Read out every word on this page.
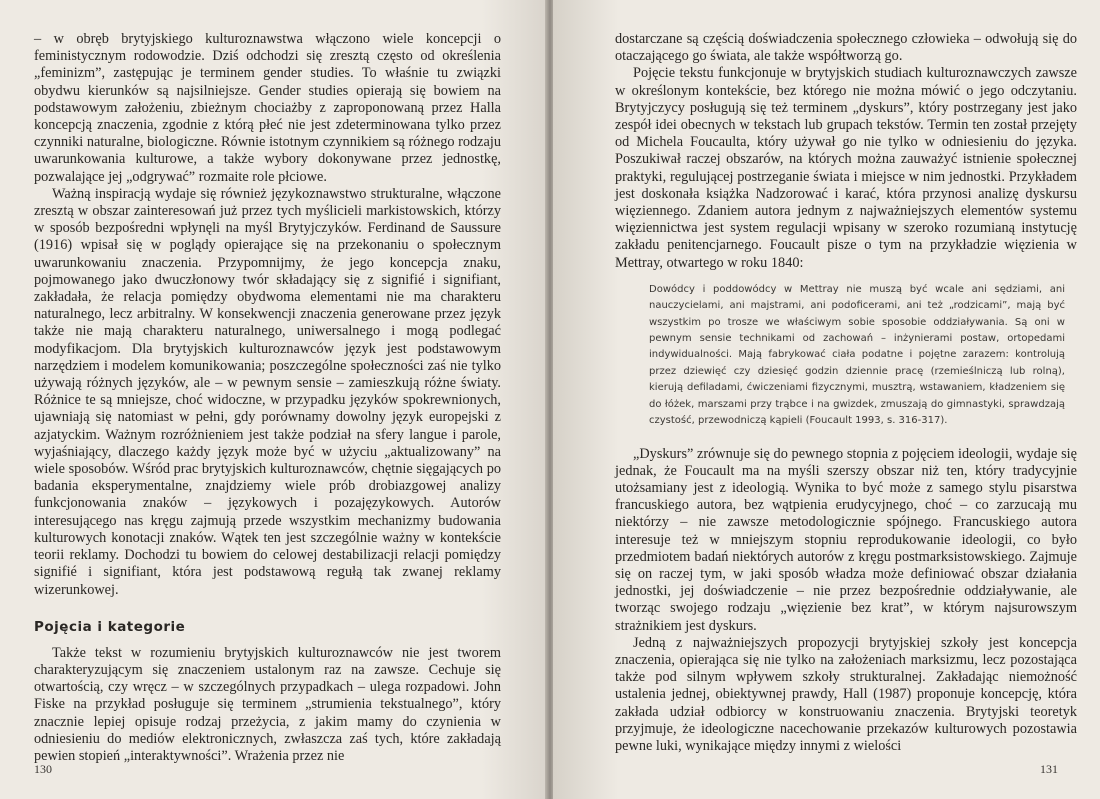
– w obręb brytyjskiego kulturoznawstwa włączono wiele koncepcji o feministycznym rodowodzie. Dziś odchodzi się zresztą często od określenia „feminizm”, zastępując je terminem gender studies. To właśnie tu związki obydwu kierunków są najsilniejsze. Gender studies opierają się bowiem na podstawowym założeniu, zbieżnym chociażby z zaproponowaną przez Halla koncepcją znaczenia, zgodnie z którą płeć nie jest zdeterminowana tylko przez czynniki naturalne, biologiczne. Równie istotnym czynnikiem są różnego rodzaju uwarunkowania kulturowe, a także wybory dokonywane przez jednostkę, pozwalające jej „odgrywać” rozmaite role płciowe.

Ważną inspiracją wydaje się również językoznawstwo strukturalne, włączone zresztą w obszar zainteresowań już przez tych myślicieli markistowskich, którzy w sposób bezpośredni wpłynęli na myśl Brytyjczyków. Ferdinand de Saussure (1916) wpisał się w poglądy opierające się na przekonaniu o społecznym uwarunkowaniu znaczenia. Przypomnijmy, że jego koncepcja znaku, pojmowanego jako dwuczłonowy twór składający się z signifié i signifiant, zakładała, że relacja pomiędzy obydwoma elementami nie ma charakteru naturalnego, lecz arbitralny. W konsekwencji znaczenia generowane przez język także nie mają charakteru naturalnego, uniwersalnego i mogą podlegać modyfikacjom. Dla brytyjskich kulturoznawców język jest podstawowym narzędziem i modelem komunikowania; poszczególne społeczności zaś nie tylko używają różnych języków, ale – w pewnym sensie – zamieszkują różne światy. Różnice te są mniejsze, choć widoczne, w przypadku języków spokrewnionych, ujawniają się natomiast w pełni, gdy porównamy dowolny język europejski z azjatyckim. Ważnym rozróżnieniem jest także podział na sfery langue i parole, wyjaśniający, dlaczego każdy język może być w użyciu „aktualizowany” na wiele sposobów. Wśród prac brytyjskich kulturoznawców, chętnie sięgających po badania eksperymentalne, znajdziemy wiele prób drobiazgowej analizy funkcjonowania znaków – językowych i pozajęzykowych. Autorów interesującego nas kręgu zajmują przede wszystkim mechanizmy budowania kulturowych konotacji znaków. Wątek ten jest szczególnie ważny w kontekście teorii reklamy. Dochodzi tu bowiem do celowej destabilizacji relacji pomiędzy signifié i signifiant, która jest podstawową regułą tak zwanej reklamy wizerunkowej.

Pojęcia i kategorie

Także tekst w rozumieniu brytyjskich kulturoznawców nie jest tworem charakteryzującym się znaczeniem ustalonym raz na zawsze. Cechuje się otwartością, czy wręcz – w szczególnych przypadkach – ulega rozpadowi. John Fiske na przykład posługuje się terminem „strumienia tekstualnego”, który znacznie lepiej opisuje rodzaj przeżycia, z jakim mamy do czynienia w odniesieniu do mediów elektronicznych, zwłaszcza zaś tych, które zakładają pewien stopień „interaktywności”. Wrażenia przez nie

130

dostarczane są częścią doświadczenia społecznego człowieka – odwołują się do otaczającego go świata, ale także współtworzą go.

Pojęcie tekstu funkcjonuje w brytyjskich studiach kulturoznawczych zawsze w określonym kontekście, bez którego nie można mówić o jego odczytaniu. Brytyjczycy posługują się też terminem „dyskurs”, który postrzegany jest jako zespół idei obecnych w tekstach lub grupach tekstów. Termin ten został przejęty od Michela Foucaulta, który używał go nie tylko w odniesieniu do języka. Poszukiwał raczej obszarów, na których można zauważyć istnienie społecznej praktyki, regulującej postrzeganie świata i miejsce w nim jednostki. Przykładem jest doskonała książka Nadzorować i karać, która przynosi analizę dyskursu więziennego. Zdaniem autora jednym z najważniejszych elementów systemu więziennictwa jest system regulacji wpisany w szeroko rozumianą instytucję zakładu penitencjarnego. Foucault pisze o tym na przykładzie więzienia w Mettray, otwartego w roku 1840:

Dowódcy i poddowódcy w Mettray nie muszą być wcale ani sędziami, ani nauczycielami, ani majstrami, ani podoficerami, ani też „rodzicami”, mają być wszystkim po trosze we właściwym sobie sposobie oddziaływania. Są oni w pewnym sensie technikami od zachowań – inżynierami postaw, ortopedami indywidualności. Mają fabrykować ciała podatne i pojętne zarazem: kontrolują przez dziewięć czy dziesięć godzin dziennie pracę (rzemieślniczą lub rolną), kierują defiladami, ćwiczeniami fizycznymi, musztrą, wstawaniem, kładzeniem się do łóżek, marszami przy trąbce i na gwizdek, zmuszają do gimnastyki, sprawdzają czystość, przewodniczą kąpieli (Foucault 1993, s. 316-317).

„Dyskurs” zrównuje się do pewnego stopnia z pojęciem ideologii, wydaje się jednak, że Foucault ma na myśli szerszy obszar niż ten, który tradycyjnie utożsamiany jest z ideologią. Wynika to być może z samego stylu pisarstwa francuskiego autora, bez wątpienia erudycyjnego, choć – co zarzucają mu niektórzy – nie zawsze metodologicznie spójnego. Francuskiego autora interesuje też w mniejszym stopniu reprodukowanie ideologii, co było przedmiotem badań niektórych autorów z kręgu postmarksistowskiego. Zajmuje się on raczej tym, w jaki sposób władza może definiować obszar działania jednostki, jej doświadczenie – nie przez bezpośrednie oddziaływanie, ale tworząc swojego rodzaju „więzienie bez krat”, w którym najsurowszym strażnikiem jest dyskurs.

Jedną z najważniejszych propozycji brytyjskiej szkoły jest koncepcja znaczenia, opierająca się nie tylko na założeniach marksizmu, lecz pozostająca także pod silnym wpływem szkoły strukturalnej. Zakładając niemożność ustalenia jednej, obiektywnej prawdy, Hall (1987) proponuje koncepcję, która zakłada udział odbiorcy w konstruowaniu znaczenia. Brytyjski teoretyk przyjmuje, że ideologiczne nacechowanie przekazów kulturowych pozostawia pewne luki, wynikające między innymi z wielości

131
